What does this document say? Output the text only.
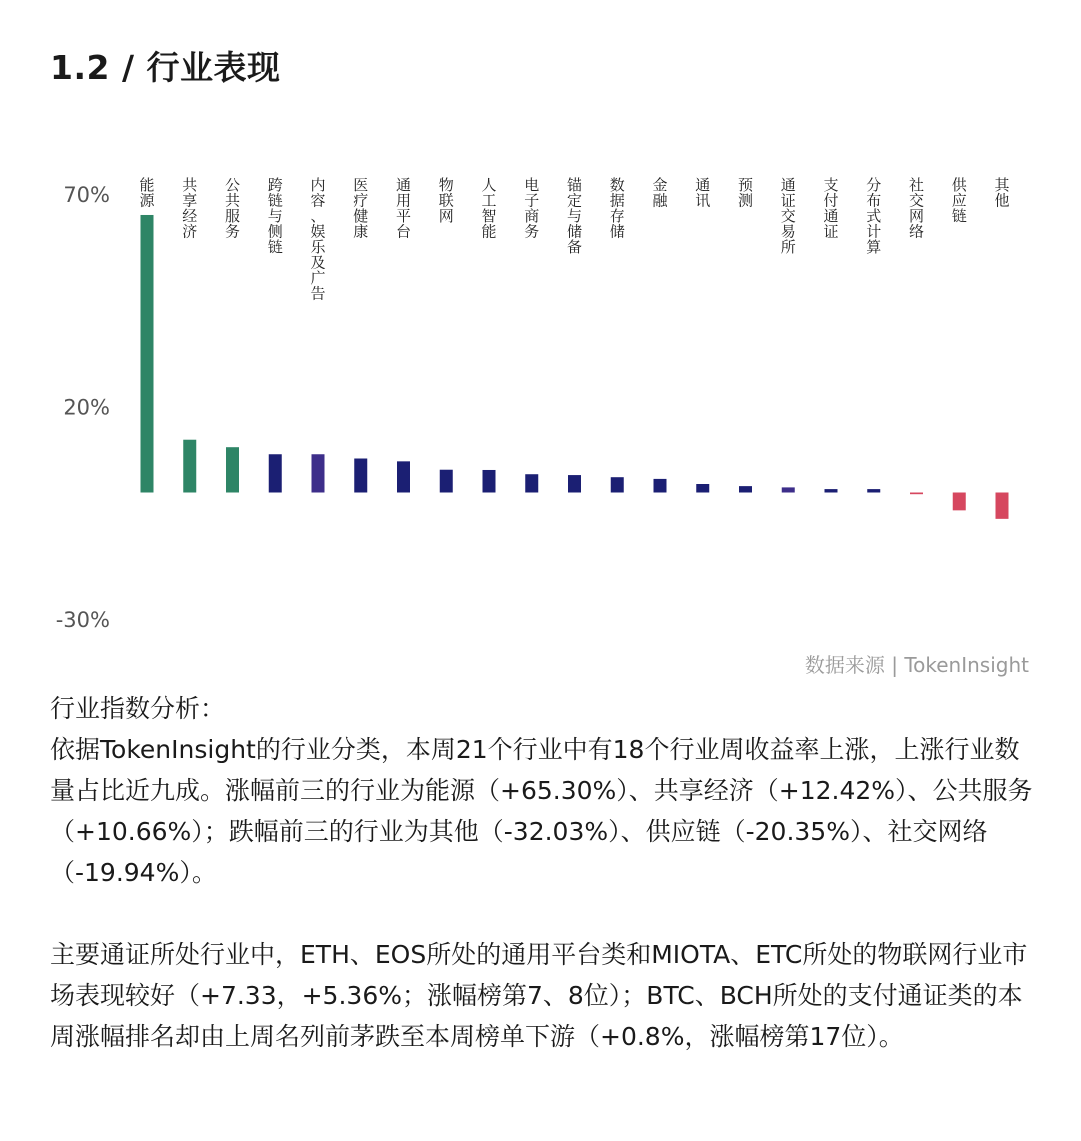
1.2 / 行业表现
70%
20%
-30%
能源
共享经济
公共服务
跨链与侧链
内容、娱乐及广告
医疗健康
通用平台
物联网
人工智能
电子商务
锚定与储备
数据存储
金融
通讯
预测
通证交易所
支付通证
分布式计算
社交网络
供应链
其他
数据来源 | TokenInsight

行业指数分析：

依据TokenInsight的行业分类，本周21个行业中有18个行业周收益率上涨，上涨行业数量占比近九成。涨幅前三的行业为能源（+65.30%）、共享经济（+12.42%）、公共服务（+10.66%）；跌幅前三的行业为其他（-32.03%）、供应链（-20.35%）、社交网络（-19.94%）。

主要通证所处行业中，ETH、EOS所处的通用平台类和MIOTA、ETC所处的物联网行业市场表现较好（+7.33，+5.36%；涨幅榜第7、8位）；BTC、BCH所处的支付通证类的本周涨幅排名却由上周名列前茅跌至本周榜单下游（+0.8%，涨幅榜第17位）。
